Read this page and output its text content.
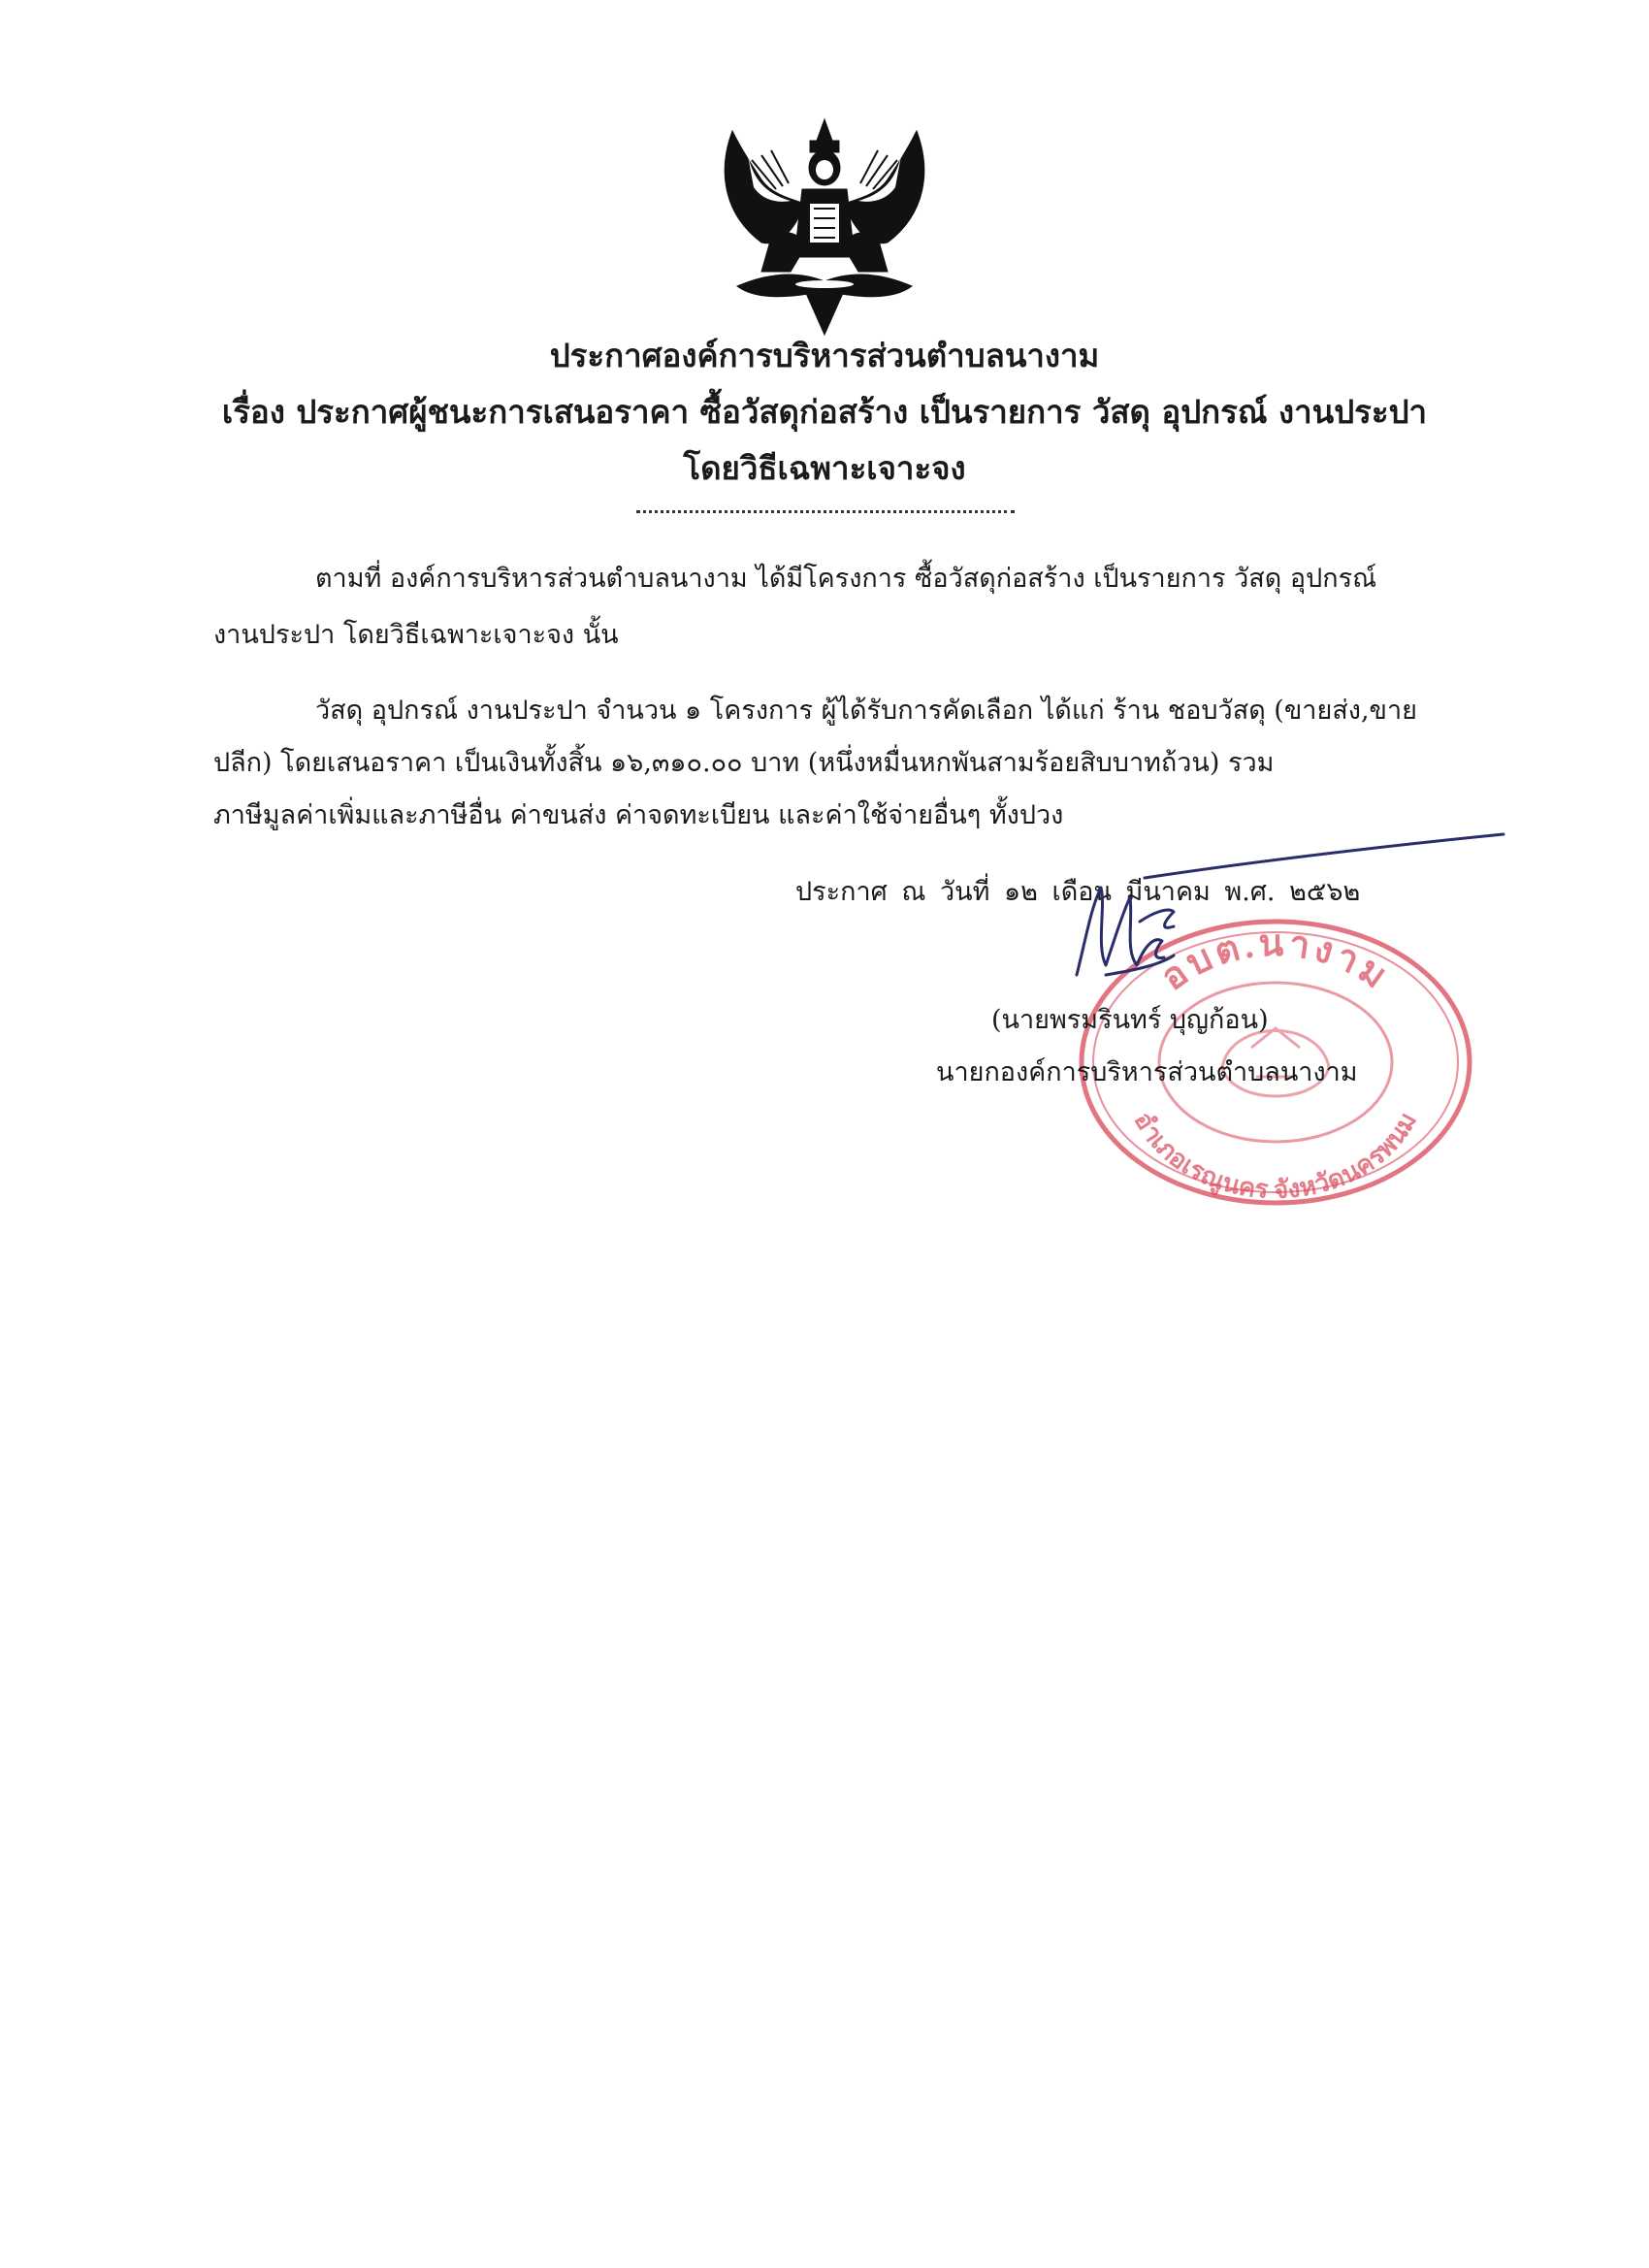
ประกาศองค์การบริหารส่วนตำบลนางาม
เรื่อง ประกาศผู้ชนะการเสนอราคา ซื้อวัสดุก่อสร้าง เป็นรายการ วัสดุ อุปกรณ์ งานประปา
โดยวิธีเฉพาะเจาะจง
ตามที่ องค์การบริหารส่วนตำบลนางาม ได้มีโครงการ ซื้อวัสดุก่อสร้าง เป็นรายการ วัสดุ อุปกรณ์
งานประปา โดยวิธีเฉพาะเจาะจง นั้น
วัสดุ อุปกรณ์ งานประปา จำนวน ๑ โครงการ ผู้ได้รับการคัดเลือก ได้แก่ ร้าน ชอบวัสดุ (ขายส่ง,ขาย
ปลีก) โดยเสนอราคา เป็นเงินทั้งสิ้น ๑๖,๓๑๐.๐๐ บาท (หนึ่งหมื่นหกพันสามร้อยสิบบาทถ้วน) รวม
ภาษีมูลค่าเพิ่มและภาษีอื่น ค่าขนส่ง ค่าจดทะเบียน และค่าใช้จ่ายอื่นๆ ทั้งปวง
ประกาศ ณ วันที่ ๑๒ เดือน มีนาคม พ.ศ. ๒๕๖๒
อบต.นางาม
อำเภอเรณูนคร จังหวัดนครพนม
(นายพรมรินทร์ บุญก้อน)
นายกองค์การบริหารส่วนตำบลนางาม
